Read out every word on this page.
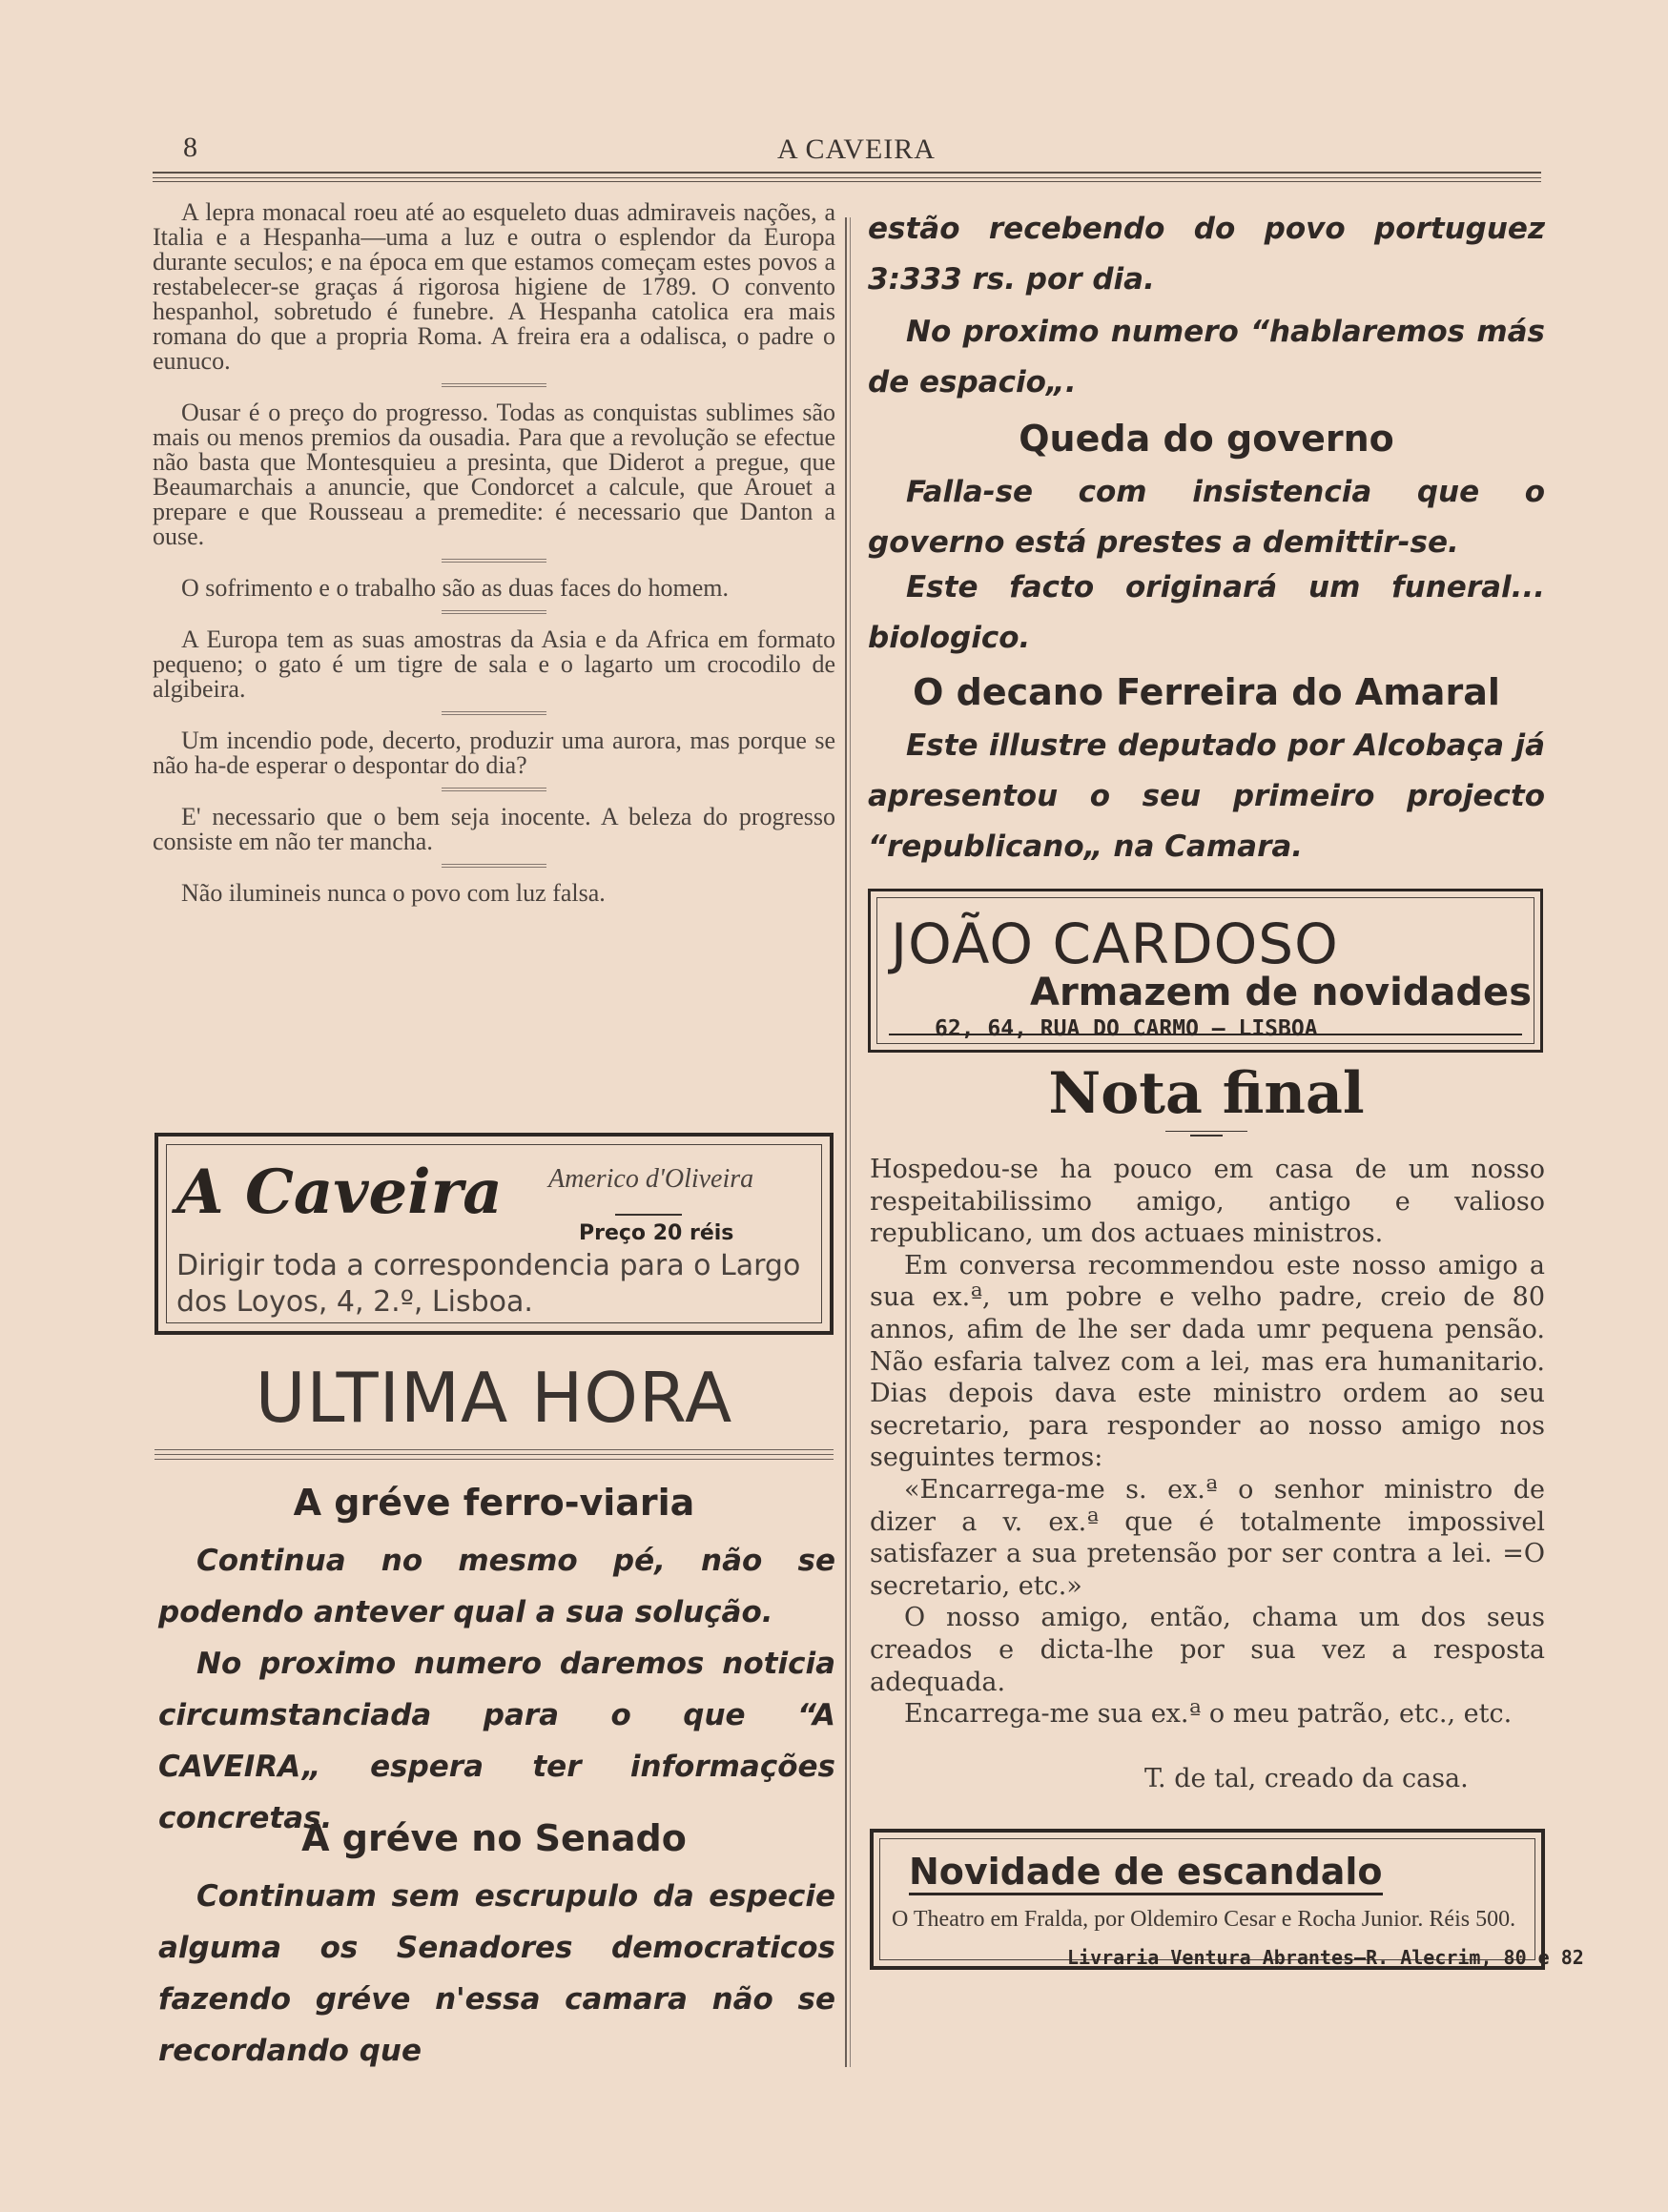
8	A CAVEIRA

A lepra monacal roeu até ao esqueleto duas admiraveis nações, a Italia e a Hespanha—uma a luz e outra o esplendor da Europa durante seculos; e na época em que estamos começam estes povos a restabelecer-se graças á rigorosa higiene de 1789. O convento hespanhol, sobretudo é funebre. A Hespanha catolica era mais romana do que a propria Roma. A freira era a odalisca, o padre o eunuco.

Ousar é o preço do progresso. Todas as conquistas sublimes são mais ou menos premios da ousadia. Para que a revolução se efectue não basta que Montesquieu a presinta, que Diderot a pregue, que Beaumarchais a anuncie, que Condorcet a calcule, que Arouet a prepare e que Rousseau a premedite: é necessario que Danton a ouse.

O sofrimento e o trabalho são as duas faces do homem.

A Europa tem as suas amostras da Asia e da Africa em formato pequeno; o gato é um tigre de sala e o lagarto um crocodilo de algibeira.

Um incendio pode, decerto, produzir uma aurora, mas porque se não ha-de esperar o despontar do dia?

E' necessario que o bem seja inocente. A beleza do progresso consiste em não ter mancha.

Não ilumineis nunca o povo com luz falsa.

A Caveira Americo d'Oliveira
Preço 20 réis
Dirigir toda a correspondencia para o Largo dos Loyos, 4, 2.º, Lisboa.
ULTIMA HORA
A gréve ferro-viaria
Continua no mesmo pé, não se podendo antever qual a sua solução.
No proximo numero daremos noticia circumstanciada para o que “A CAVEIRA„ espera ter informações concretas.
A gréve no Senado
Continuam sem escrupulo da especie alguma os Senadores democraticos fazendo gréve n'essa camara não se recordando que
estão recebendo do povo portuguez 3:333 rs. por dia.
No proximo numero “hablaremos más de espacio„.
Queda do governo
Falla-se com insistencia que o governo está prestes a demittir-se.
Este facto originará um funeral... biologico.
O decano Ferreira do Amaral
Este illustre deputado por Alcobaça já apresentou o seu primeiro projecto “republicano„ na Camara.
JOÃO CARDOSO
Armazem de novidades
62, 64, RUA DO CARMO — LISBOA
Nota final

Hospedou-se ha pouco em casa de um nosso respeitabilissimo amigo, antigo e valioso republicano, um dos actuaes ministros.

Em conversa recommendou este nosso amigo a sua ex.ª, um pobre e velho padre, creio de 80 annos, afim de lhe ser dada umr pequena pensão. Não esfaria talvez com a lei, mas era humanitario. Dias depois dava este ministro ordem ao seu secretario, para responder ao nosso amigo nos seguintes termos:

«Encarrega-me s. ex.ª o senhor ministro de dizer a v. ex.ª que é totalmente impossivel satisfazer a sua pretensão por ser contra a lei. =O secretario, etc.»

O nosso amigo, então, chama um dos seus creados e dicta-lhe por sua vez a resposta adequada.

Encarrega-me sua ex.ª o meu patrão, etc., etc.

T. de tal, creado da casa.
Novidade de escandalo
O Theatro em Fralda, por Oldemiro Cesar e Rocha Junior. Réis 500.
Livraria Ventura Abrantes—R. Alecrim, 80 e 82
